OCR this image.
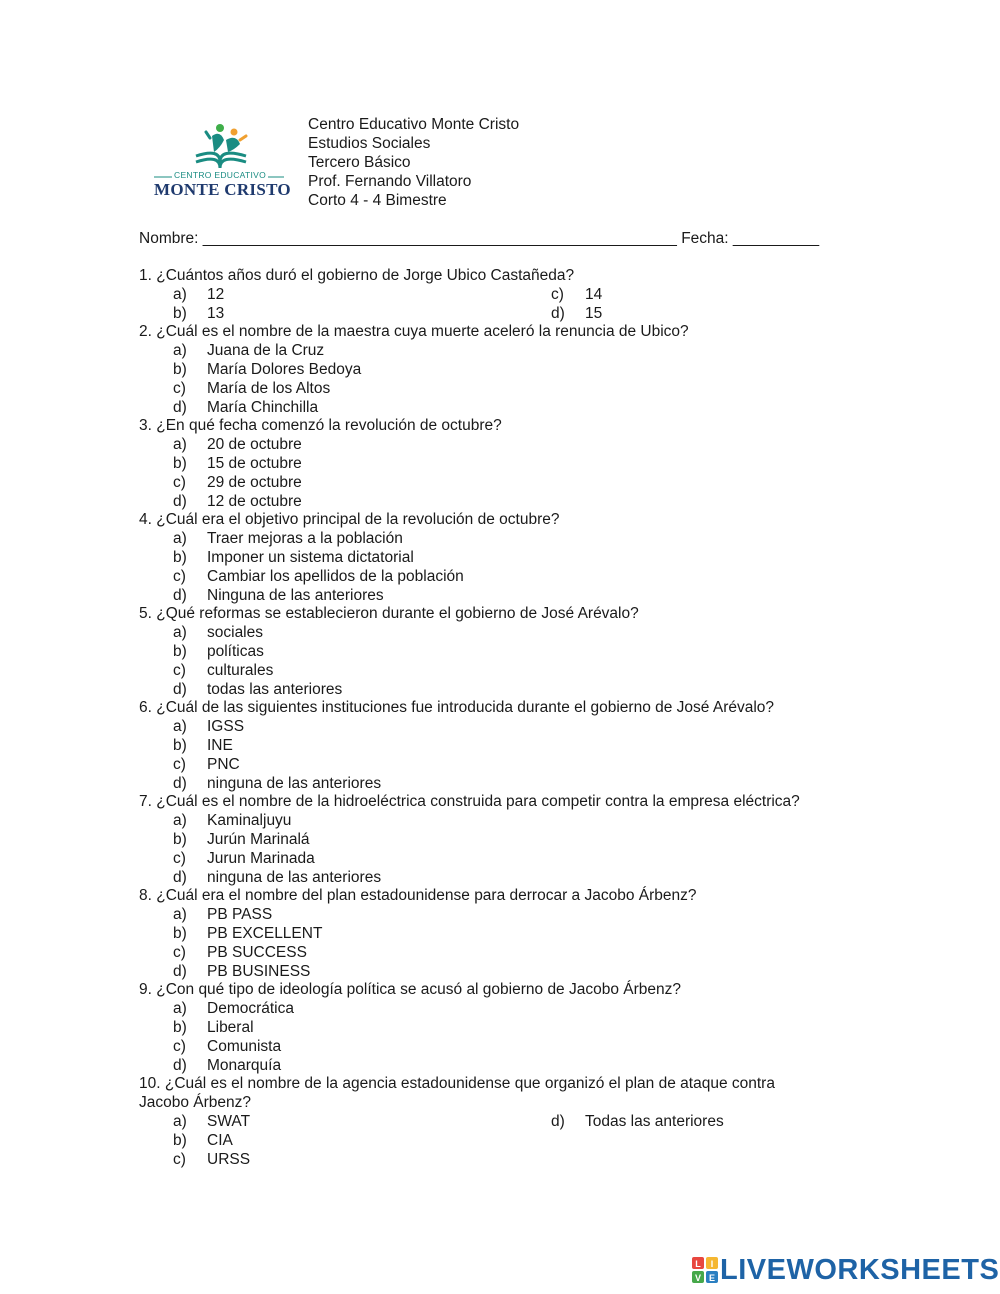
CENTRO EDUCATIVO
MONTE CRISTO
Centro Educativo Monte Cristo
Estudios Sociales
Tercero Básico
Prof. Fernando Villatoro
Corto 4 - 4 Bimestre
Nombre: _______________________________________________________ Fecha: __________
1. ¿Cuántos años duró el gobierno de Jorge Ubico Castañeda?
a) 12	c) 14
b) 13	d) 15
2. ¿Cuál es el nombre de la maestra cuya muerte aceleró la renuncia de Ubico?
a) Juana de la Cruz
b) María Dolores Bedoya
c) María de los Altos
d) María Chinchilla
3. ¿En qué fecha comenzó la revolución de octubre?
a) 20 de octubre
b) 15 de octubre
c) 29 de octubre
d) 12 de octubre
4. ¿Cuál era el objetivo principal de la revolución de octubre?
a) Traer mejoras a la población
b) Imponer un sistema dictatorial
c) Cambiar los apellidos de la población
d) Ninguna de las anteriores
5. ¿Qué reformas se establecieron durante el gobierno de José Arévalo?
a) sociales
b) políticas
c) culturales
d) todas las anteriores
6. ¿Cuál de las siguientes instituciones fue introducida durante el gobierno de José Arévalo?
a) IGSS
b) INE
c) PNC
d) ninguna de las anteriores
7. ¿Cuál es el nombre de la hidroeléctrica construida para competir contra la empresa eléctrica?
a) Kaminaljuyu
b) Jurún Marinalá
c) Jurun Marinada
d) ninguna de las anteriores
8. ¿Cuál era el nombre del plan estadounidense para derrocar a Jacobo Árbenz?
a) PB PASS
b) PB EXCELLENT
c) PB SUCCESS
d) PB BUSINESS
9. ¿Con qué tipo de ideología política se acusó al gobierno de Jacobo Árbenz?
a) Democrática
b) Liberal
c) Comunista
d) Monarquía
10. ¿Cuál es el nombre de la agencia estadounidense que organizó el plan de ataque contra
Jacobo Árbenz?
a) SWAT	d) Todas las anteriores
b) CIA
c) URSS
L I
V E LIVEWORKSHEETS
